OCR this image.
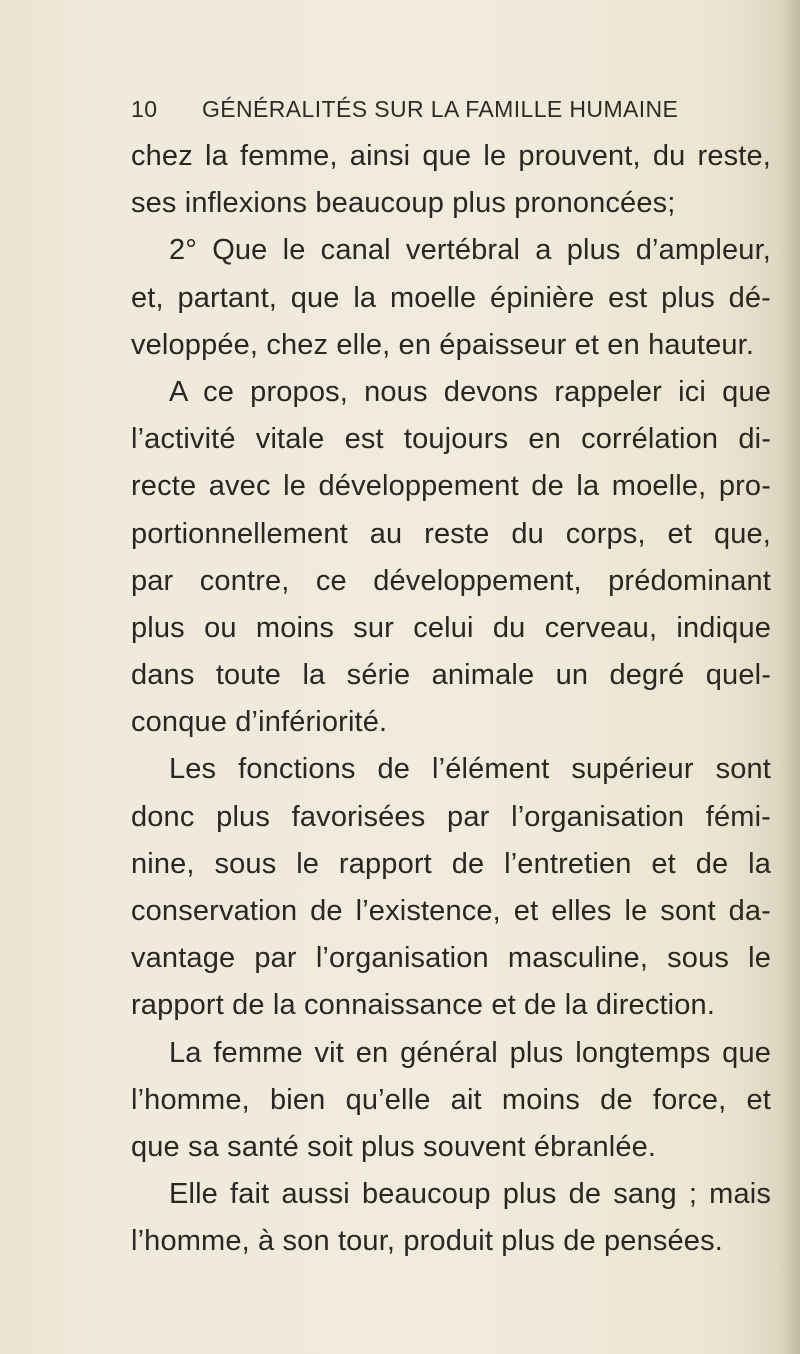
10 GÉNÉRALITÉS SUR LA FAMILLE HUMAINE
chez la femme, ainsi que le prouvent, du reste,
ses inflexions beaucoup plus prononcées;
2° Que le canal vertébral a plus d’ampleur,
et, partant, que la moelle épinière est plus dé-
veloppée, chez elle, en épaisseur et en hauteur.
A ce propos, nous devons rappeler ici que
l’activité vitale est toujours en corrélation di-
recte avec le développement de la moelle, pro-
portionnellement au reste du corps, et que,
par contre, ce développement, prédominant
plus ou moins sur celui du cerveau, indique
dans toute la série animale un degré quel-
conque d’infériorité.
Les fonctions de l’élément supérieur sont
donc plus favorisées par l’organisation fémi-
nine, sous le rapport de l’entretien et de la
conservation de l’existence, et elles le sont da-
vantage par l’organisation masculine, sous le
rapport de la connaissance et de la direction.
La femme vit en général plus longtemps que
l’homme, bien qu’elle ait moins de force, et
que sa santé soit plus souvent ébranlée.
Elle fait aussi beaucoup plus de sang ; mais
l’homme, à son tour, produit plus de pensées.
